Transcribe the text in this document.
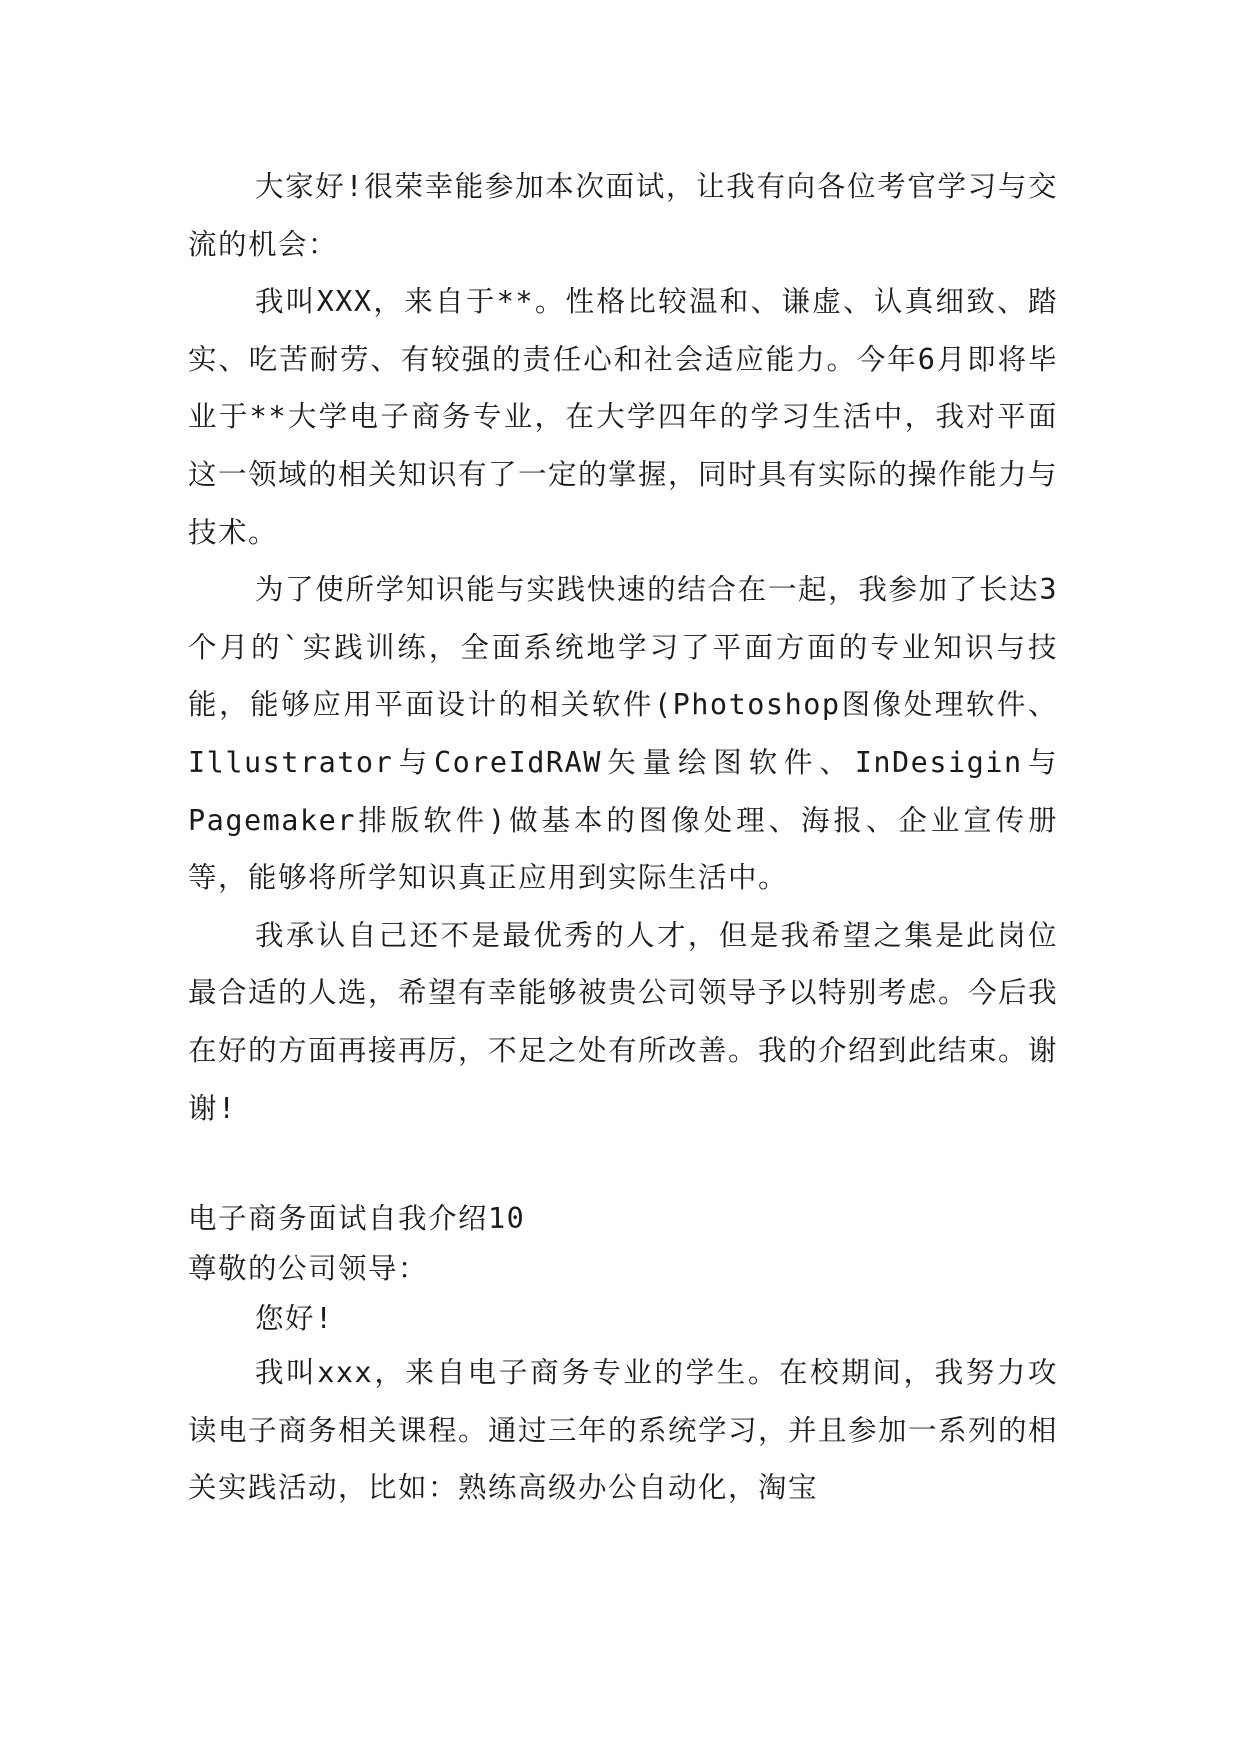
大家好!很荣幸能参加本次面试，让我有向各位考官学习与交流的机会：

我叫XXX，来自于**。性格比较温和、谦虚、认真细致、踏实、吃苦耐劳、有较强的责任心和社会适应能力。今年6月即将毕业于**大学电子商务专业，在大学四年的学习生活中，我对平面这一领域的相关知识有了一定的掌握，同时具有实际的操作能力与技术。

为了使所学知识能与实践快速的结合在一起，我参加了长达3个月的`实践训练，全面系统地学习了平面方面的专业知识与技能，能够应用平面设计的相关软件(Photoshop图像处理软件、Illustrator与CoreIdRAW矢量绘图软件、InDesigin与Pagemaker排版软件)做基本的图像处理、海报、企业宣传册等，能够将所学知识真正应用到实际生活中。

我承认自己还不是最优秀的人才，但是我希望之集是此岗位最合适的人选，希望有幸能够被贵公司领导予以特别考虑。今后我在好的方面再接再厉，不足之处有所改善。我的介绍到此结束。谢谢!

电子商务面试自我介绍10

尊敬的公司领导：

您好!

我叫xxx，来自电子商务专业的学生。在校期间，我努力攻读电子商务相关课程。通过三年的系统学习，并且参加一系列的相关实践活动，比如：熟练高级办公自动化，淘宝
